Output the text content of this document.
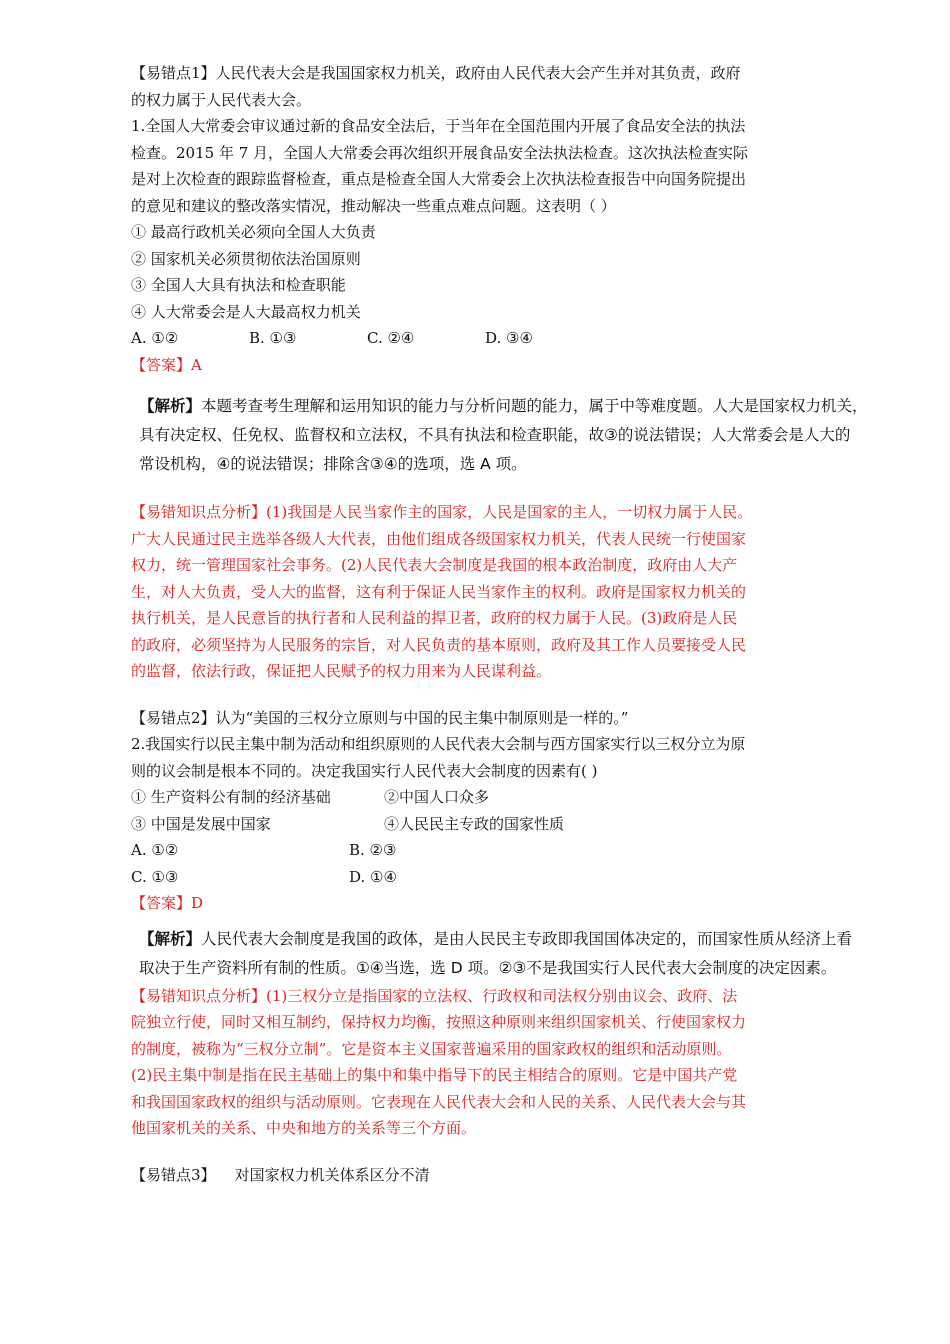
【易错点1】人民代表大会是我国国家权力机关，政府由人民代表大会产生并对其负责，政府
的权力属于人民代表大会。
1.全国人大常委会审议通过新的食品安全法后，于当年在全国范围内开展了食品安全法的执法
检查。2015 年 7 月，全国人大常委会再次组织开展食品安全法执法检查。这次执法检查实际
是对上次检查的跟踪监督检查，重点是检查全国人大常委会上次执法检查报告中向国务院提出
的意见和建议的整改落实情况，推动解决一些重点难点问题。这表明（ ）
① 最高行政机关必须向全国人大负责
② 国家机关必须贯彻依法治国原则
③ 全国人大具有执法和检查职能
④ 人大常委会是人大最高权力机关
A. ①②	B. ①③	C. ②④	D. ③④
【答案】A
【解析】本题考查考生理解和运用知识的能力与分析问题的能力，属于中等难度题。人大是国家权力机关，
具有决定权、任免权、监督权和立法权，不具有执法和检查职能，故③的说法错误；人大常委会是人大的
常设机构，④的说法错误；排除含③④的选项，选 A 项。
【易错知识点分析】(1)我国是人民当家作主的国家，人民是国家的主人，一切权力属于人民。
广大人民通过民主选举各级人大代表，由他们组成各级国家权力机关，代表人民统一行使国家
权力，统一管理国家社会事务。(2)人民代表大会制度是我国的根本政治制度，政府由人大产
生，对人大负责，受人大的监督，这有利于保证人民当家作主的权利。政府是国家权力机关的
执行机关，是人民意旨的执行者和人民利益的捍卫者，政府的权力属于人民。(3)政府是人民
的政府，必须坚持为人民服务的宗旨，对人民负责的基本原则，政府及其工作人员要接受人民
的监督，依法行政，保证把人民赋予的权力用来为人民谋利益。
【易错点2】认为“美国的三权分立原则与中国的民主集中制原则是一样的。”
2.我国实行以民主集中制为活动和组织原则的人民代表大会制与西方国家实行以三权分立为原
则的议会制是根本不同的。决定我国实行人民代表大会制度的因素有( )
① 生产资料公有制的经济基础	②中国人口众多
③ 中国是发展中国家	④人民民主专政的国家性质
A. ①②	B. ②③
C. ①③	D. ①④
【答案】D
【解析】人民代表大会制度是我国的政体，是由人民民主专政即我国国体决定的，而国家性质从经济上看
取决于生产资料所有制的性质。①④当选，选 D 项。②③不是我国实行人民代表大会制度的决定因素。
【易错知识点分析】(1)三权分立是指国家的立法权、行政权和司法权分别由议会、政府、法
院独立行使，同时又相互制约，保持权力均衡，按照这种原则来组织国家机关、行使国家权力
的制度，被称为“三权分立制”。它是资本主义国家普遍采用的国家政权的组织和活动原则。
(2)民主集中制是指在民主基础上的集中和集中指导下的民主相结合的原则。它是中国共产党
和我国国家政权的组织与活动原则。它表现在人民代表大会和人民的关系、人民代表大会与其
他国家机关的关系、中央和地方的关系等三个方面。
【易错点3】    对国家权力机关体系区分不清
